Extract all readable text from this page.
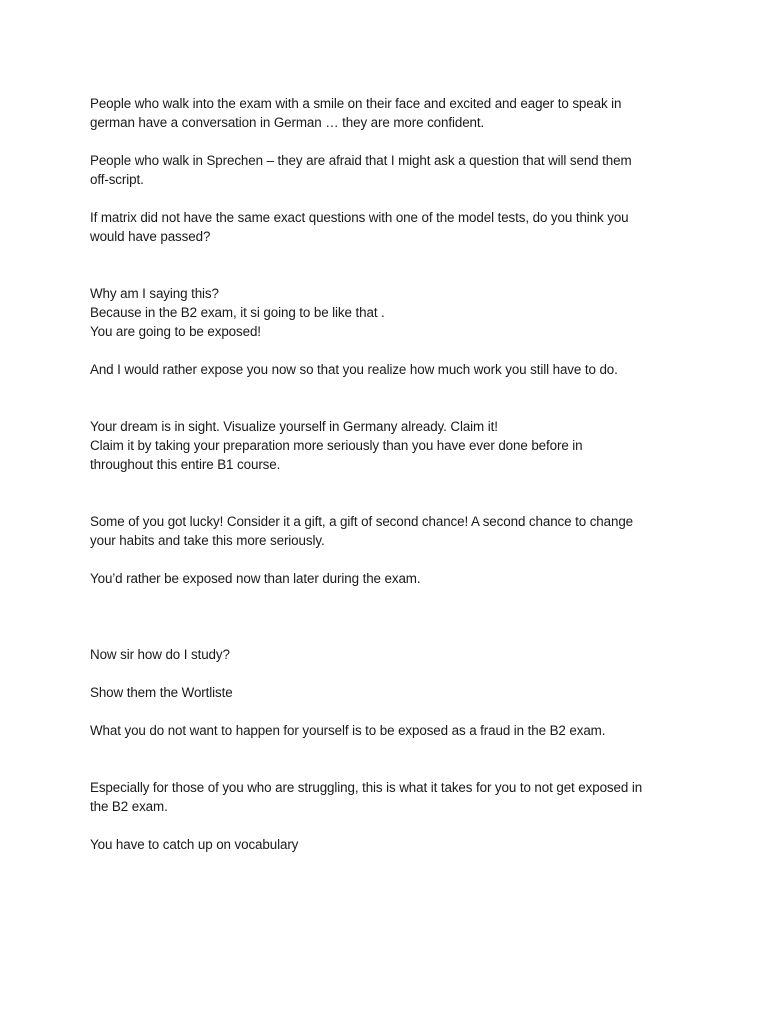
People who walk into the exam with a smile on their face and excited and eager to speak in
german have a conversation in German … they are more confident.
People who walk in Sprechen – they are afraid that I might ask a question that will send them
off-script.
If matrix did not have the same exact questions with one of the model tests, do you think you
would have passed?
Why am I saying this?
Because in the B2 exam, it si going to be like that .
You are going to be exposed!
And I would rather expose you now so that you realize how much work you still have to do.
Your dream is in sight. Visualize yourself in Germany already. Claim it!
Claim it by taking your preparation more seriously than you have ever done before in
throughout this entire B1 course.
Some of you got lucky! Consider it a gift, a gift of second chance! A second chance to change
your habits and take this more seriously.
You’d rather be exposed now than later during the exam.
Now sir how do I study?
Show them the Wortliste
What you do not want to happen for yourself is to be exposed as a fraud in the B2 exam.
Especially for those of you who are struggling, this is what it takes for you to not get exposed in
the B2 exam.
You have to catch up on vocabulary
